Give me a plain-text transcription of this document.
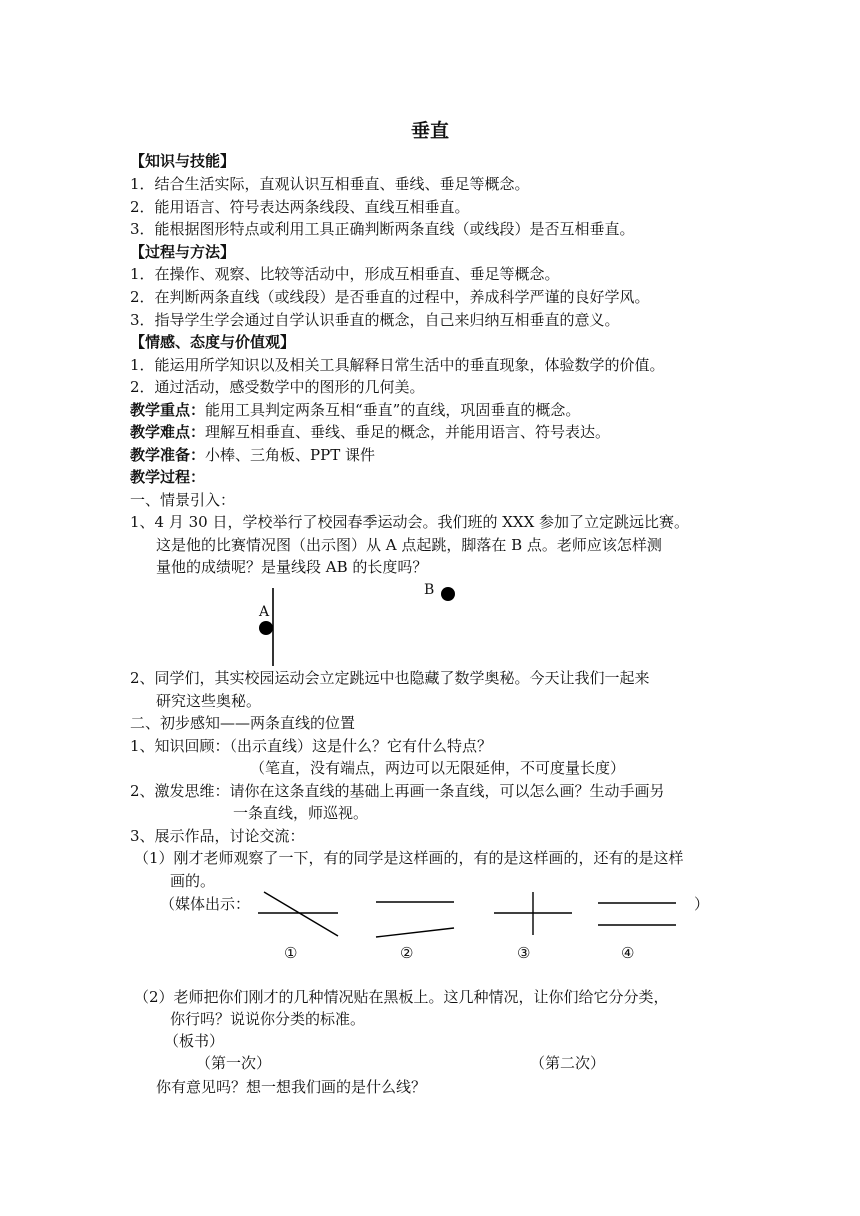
垂直
【知识与技能】
1．结合生活实际，直观认识互相垂直、垂线、垂足等概念。
2．能用语言、符号表达两条线段、直线互相垂直。
3．能根据图形特点或利用工具正确判断两条直线（或线段）是否互相垂直。
【过程与方法】
1．在操作、观察、比较等活动中，形成互相垂直、垂足等概念。
2．在判断两条直线（或线段）是否垂直的过程中，养成科学严谨的良好学风。
3．指导学生学会通过自学认识垂直的概念，自己来归纳互相垂直的意义。
【情感、态度与价值观】
1．能运用所学知识以及相关工具解释日常生活中的垂直现象，体验数学的价值。
2．通过活动，感受数学中的图形的几何美。
教学重点：能用工具判定两条互相“垂直”的直线，巩固垂直的概念。
教学难点：理解互相垂直、垂线、垂足的概念，并能用语言、符号表达。
教学准备：小棒、三角板、PPT 课件
教学过程：
一、情景引入：
1、4 月 30 日，学校举行了校园春季运动会。我们班的 XXX 参加了立定跳远比赛。
这是他的比赛情况图（出示图）从 A 点起跳，脚落在 B 点。老师应该怎样测
量他的成绩呢？是量线段 AB 的长度吗？
A
B
2、同学们，其实校园运动会立定跳远中也隐藏了数学奥秘。今天让我们一起来
研究这些奥秘。
二、初步感知——两条直线的位置
1、知识回顾：（出示直线）这是什么？它有什么特点？
（笔直，没有端点，两边可以无限延伸，不可度量长度）
2、激发思维：请你在这条直线的基础上再画一条直线，可以怎么画？生动手画另
一条直线，师巡视。
3、展示作品，讨论交流：
（1）刚才老师观察了一下，有的同学是这样画的，有的是这样画的，还有的是这样
画的。
（媒体出示：	）
①	②	③	④
（2）老师把你们刚才的几种情况贴在黑板上。这几种情况，让你们给它分分类，
你行吗？说说你分类的标准。
（板书）
（第一次）	（第二次）
你有意见吗？想一想我们画的是什么线？
